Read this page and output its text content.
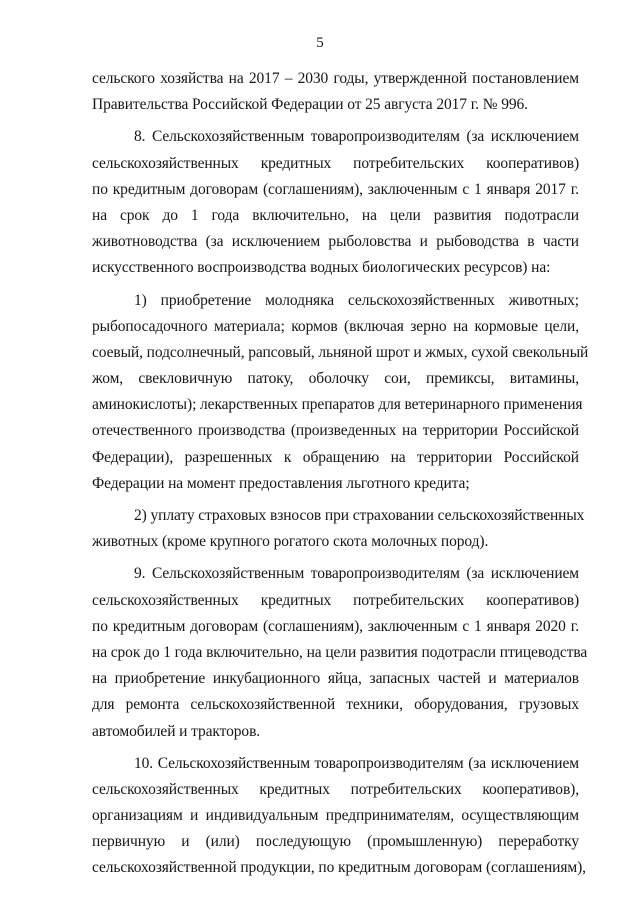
5
сельского хозяйства на 2017 – 2030 годы, утвержденной постановлением
Правительства Российской Федерации от 25 августа 2017 г. № 996.
8. Сельскохозяйственным товаропроизводителям (за исключением
сельскохозяйственных кредитных потребительских кооперативов)
по кредитным договорам (соглашениям), заключенным с 1 января 2017 г.
на срок до 1 года включительно, на цели развития подотрасли
животноводства (за исключением рыболовства и рыбоводства в части
искусственного воспроизводства водных биологических ресурсов) на:
1) приобретение молодняка сельскохозяйственных животных;
рыбопосадочного материала; кормов (включая зерно на кормовые цели,
соевый, подсолнечный, рапсовый, льняной шрот и жмых, сухой свекольный
жом, свекловичную патоку, оболочку сои, премиксы, витамины,
аминокислоты); лекарственных препаратов для ветеринарного применения
отечественного производства (произведенных на территории Российской
Федерации), разрешенных к обращению на территории Российской
Федерации на момент предоставления льготного кредита;
2) уплату страховых взносов при страховании сельскохозяйственных
животных (кроме крупного рогатого скота молочных пород).
9. Сельскохозяйственным товаропроизводителям (за исключением
сельскохозяйственных кредитных потребительских кооперативов)
по кредитным договорам (соглашениям), заключенным с 1 января 2020 г.
на срок до 1 года включительно, на цели развития подотрасли птицеводства
на приобретение инкубационного яйца, запасных частей и материалов
для ремонта сельскохозяйственной техники, оборудования, грузовых
автомобилей и тракторов.
10. Сельскохозяйственным товаропроизводителям (за исключением
сельскохозяйственных кредитных потребительских кооперативов),
организациям и индивидуальным предпринимателям, осуществляющим
первичную и (или) последующую (промышленную) переработку
сельскохозяйственной продукции, по кредитным договорам (соглашениям),
